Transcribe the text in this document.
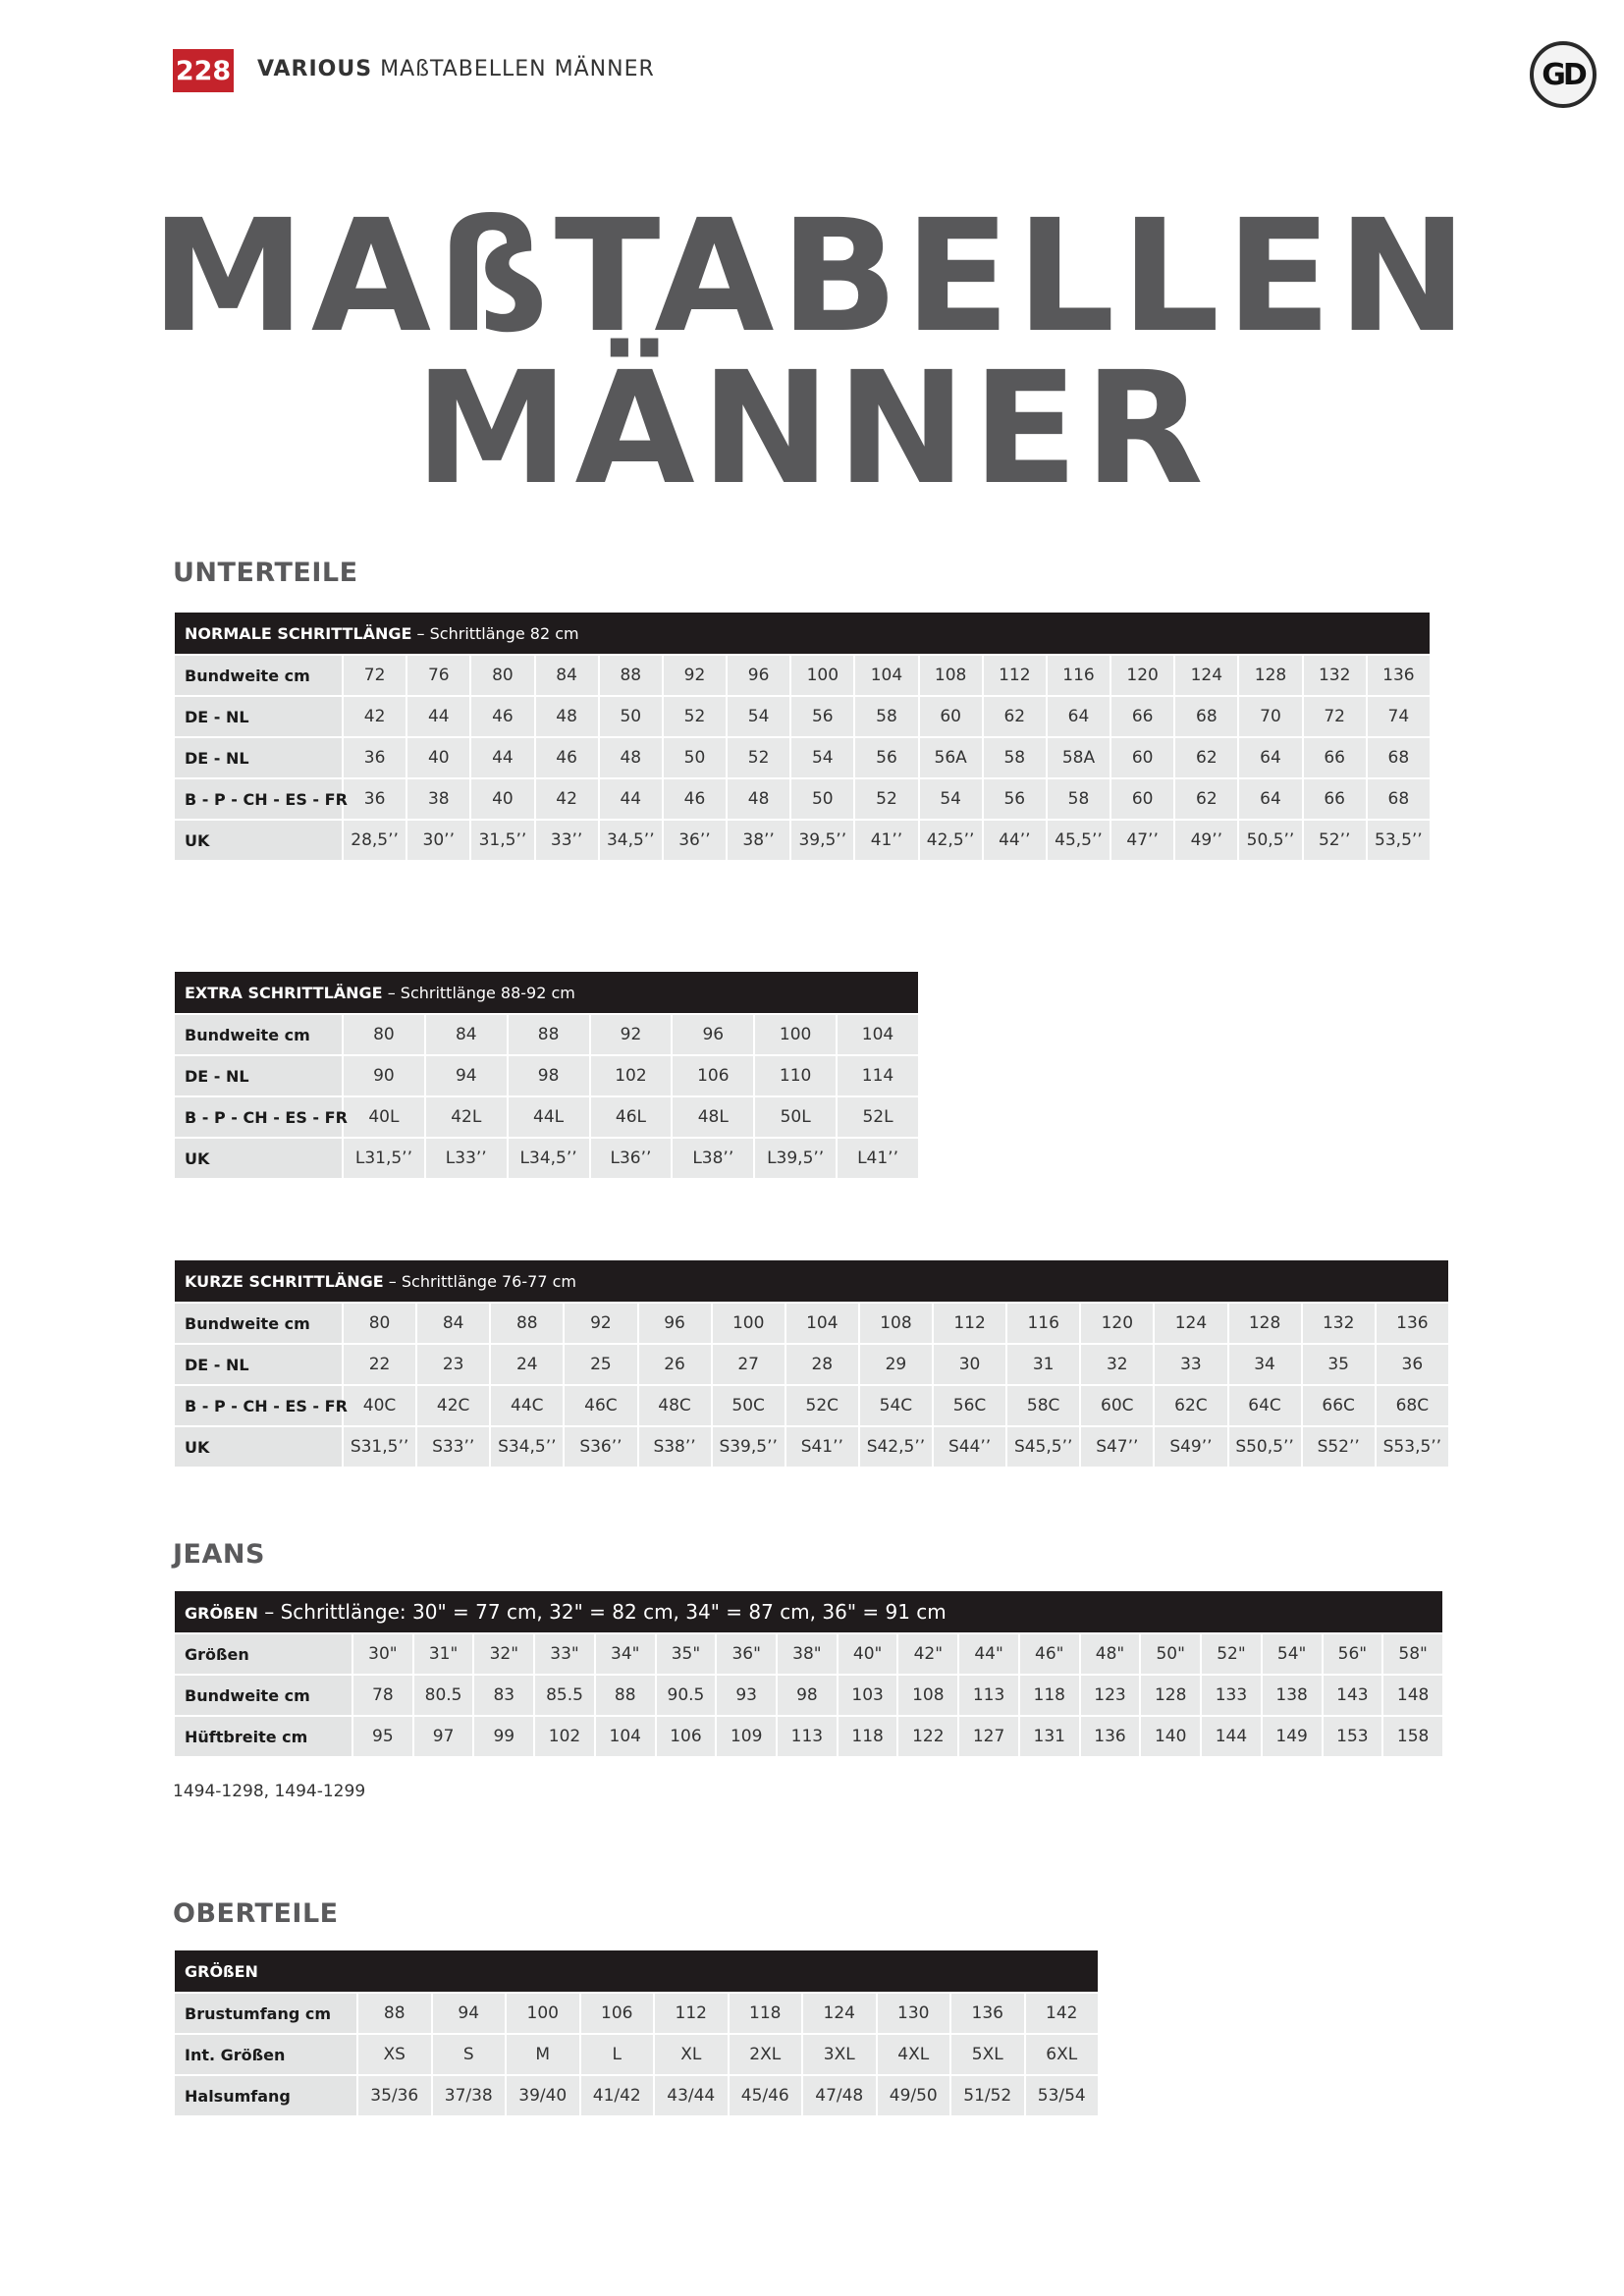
228 VARIOUS MAßTABELLEN MÄNNER	GD
MAßTABELLEN
MÄNNER
UNTERTEILE
NORMALE SCHRITTLÄNGE – Schrittlänge 82 cm																	
Bundweite cm	72	76	80	84	88	92	96	100	104	108	112	116	120	124	128	132	136
DE - NL	42	44	46	48	50	52	54	56	58	60	62	64	66	68	70	72	74
DE - NL	36	40	44	46	48	50	52	54	56	56A	58	58A	60	62	64	66	68
B - P - CH - ES - FR	36	38	40	42	44	46	48	50	52	54	56	58	60	62	64	66	68
UK	28,5’’	30’’	31,5’’	33’’	34,5’’	36’’	38’’	39,5’’	41’’	42,5’’	44’’	45,5’’	47’’	49’’	50,5’’	52’’	53,5’’
EXTRA SCHRITTLÄNGE – Schrittlänge 88-92 cm							
Bundweite cm	80	84	88	92	96	100	104
DE - NL	90	94	98	102	106	110	114
B - P - CH - ES - FR	40L	42L	44L	46L	48L	50L	52L
UK	L31,5’’	L33’’	L34,5’’	L36’’	L38’’	L39,5’’	L41’’
KURZE SCHRITTLÄNGE – Schrittlänge 76-77 cm															
Bundweite cm	80	84	88	92	96	100	104	108	112	116	120	124	128	132	136
DE - NL	22	23	24	25	26	27	28	29	30	31	32	33	34	35	36
B - P - CH - ES - FR	40C	42C	44C	46C	48C	50C	52C	54C	56C	58C	60C	62C	64C	66C	68C
UK	S31,5’’	S33’’	S34,5’’	S36’’	S38’’	S39,5’’	S41’’	S42,5’’	S44’’	S45,5’’	S47’’	S49’’	S50,5’’	S52’’	S53,5’’
JEANS
GRÖßEN – Schrittlänge: 30" = 77 cm, 32" = 82 cm, 34" = 87 cm, 36" = 91 cm																		
Größen	30"	31"	32"	33"	34"	35"	36"	38"	40"	42"	44"	46"	48"	50"	52"	54"	56"	58"
Bundweite cm	78	80.5	83	85.5	88	90.5	93	98	103	108	113	118	123	128	133	138	143	148
Hüftbreite cm	95	97	99	102	104	106	109	113	118	122	127	131	136	140	144	149	153	158
1494-1298, 1494-1299
OBERTEILE
GRÖßEN										
Brustumfang cm	88	94	100	106	112	118	124	130	136	142
Int. Größen	XS	S	M	L	XL	2XL	3XL	4XL	5XL	6XL
Halsumfang	35/36	37/38	39/40	41/42	43/44	45/46	47/48	49/50	51/52	53/54
